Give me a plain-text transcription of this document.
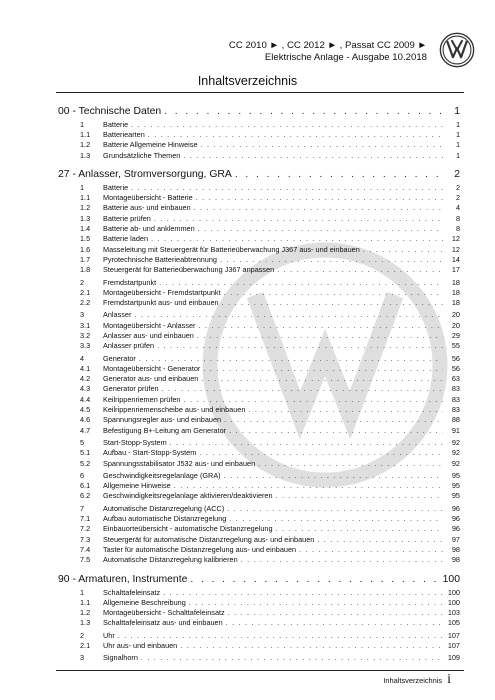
CC 2010 ► , CC 2012 ► , Passat CC 2009 ►
Elektrische Anlage - Ausgabe 10.2018
Inhaltsverzeichnis
00 - Technische Daten . . .	1
1	Batterie . . .	1
1.1	Batteriearten . . .	1
1.2	Batterie Allgemeine Hinweise . . .	1
1.3	Grundsätzliche Themen . . .	1
27 - Anlasser, Stromversorgung, GRA . . .	2
1	Batterie . . .	2
1.1	Montageübersicht - Batterie . . .	2
1.2	Batterie aus- und einbauen . . .	4
1.3	Batterie prüfen . . .	8
1.4	Batterie ab- und anklemmen . . .	8
1.5	Batterie laden . . .	12
1.6	Masseleitung mit Steuergerät für Batterieüberwachung J367 aus- und einbauen . . .	12
1.7	Pyrotechnische Batterieabtrennung . . .	14
1.8	Steuergerät für Batterieüberwachung J367 anpassen . . .	17
2	Fremdstartpunkt . . .	18
2.1	Montageübersicht - Fremdstartpunkt . . .	18
2.2	Fremdstartpunkt aus- und einbauen . . .	18
3	Anlasser . . .	20
3.1	Montageübersicht - Anlasser . . .	20
3.2	Anlasser aus- und einbauen . . .	29
3.3	Anlasser prüfen . . .	55
4	Generator . . .	56
4.1	Montageübersicht - Generator . . .	56
4.2	Generator aus- und einbauen . . .	63
4.3	Generator prüfen . . .	83
4.4	Keilrippenriemen prüfen . . .	83
4.5	Keilrippenriemenscheibe aus- und einbauen . . .	83
4.6	Spannungsregler aus- und einbauen . . .	88
4.7	Befestigung B+-Leitung am Generator . . .	91
5	Start-Stopp-System . . .	92
5.1	Aufbau - Start-Stopp-System . . .	92
5.2	Spannungsstabilisator J532 aus- und einbauen . . .	92
6	Geschwindigkeitsregelanlage (GRA) . . .	95
6.1	Allgemeine Hinweise . . .	95
6.2	Geschwindigkeitsregelanlage aktivieren/deaktivieren . . .	95
7	Automatische Distanzregelung (ACC) . . .	96
7.1	Aufbau automatische Distanzregelung . . .	96
7.2	Einbauorteübersicht - automatische Distanzregelung . . .	96
7.3	Steuergerät für automatische Distanzregelung aus- und einbauen . . .	97
7.4	Taster für automatische Distanzregelung aus- und einbauen . . .	98
7.5	Automatische Distanzregelung kalibrieren . . .	98
90 - Armaturen, Instrumente . . .	100
1	Schalttafeleinsatz . . .	100
1.1	Allgemeine Beschreibung . . .	100
1.2	Montageübersicht - Schalttafeleinsatz . . .	103
1.3	Schalttafeleinsatz aus- und einbauen . . .	105
2	Uhr . . .	107
2.1	Uhr aus- und einbauen . . .	107
3	Signalhorn . . .	109
Inhaltsverzeichnis i
